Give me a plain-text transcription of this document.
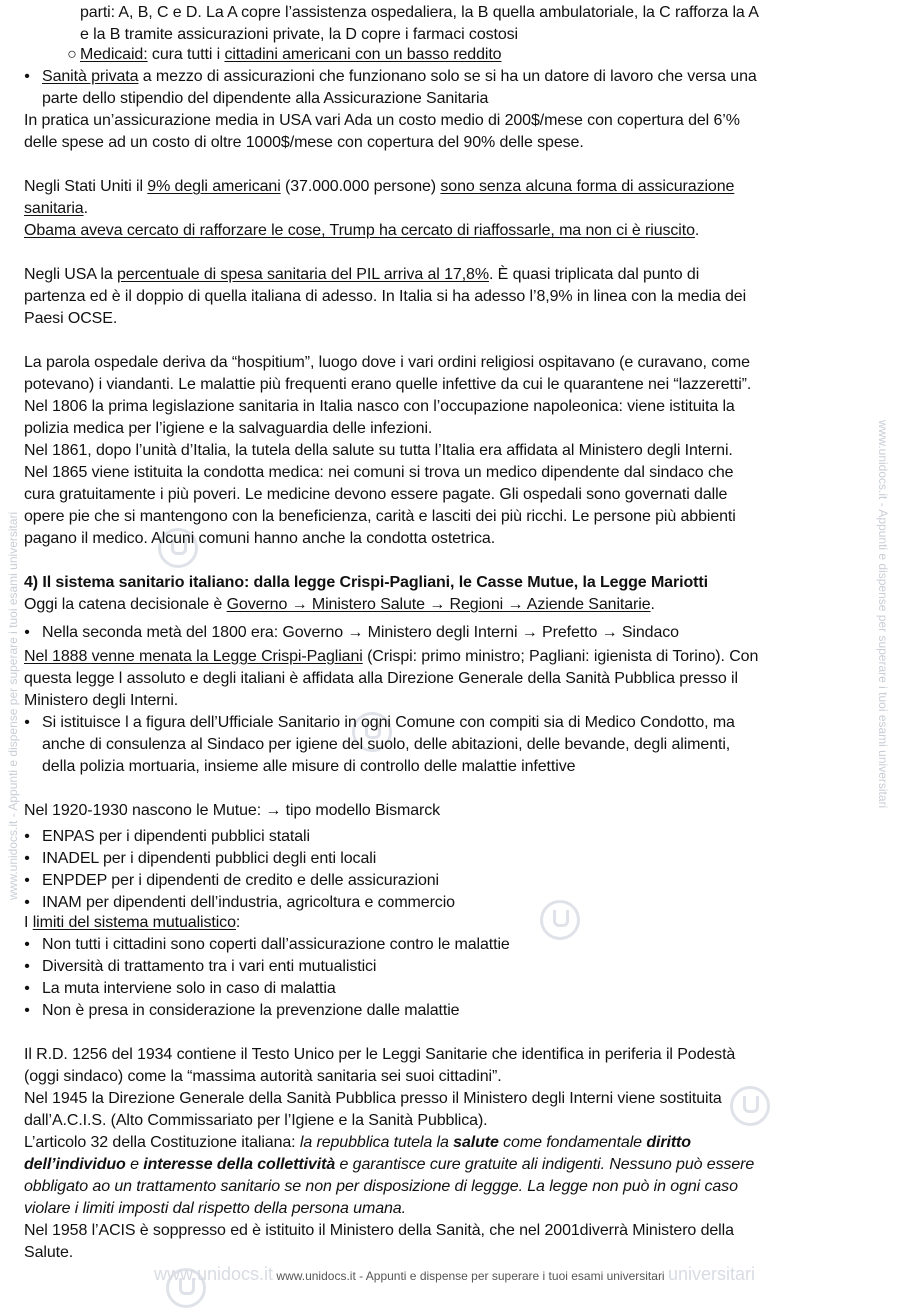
www.unidocs.it - Appunti e dispense per superare i tuoi esami universitari
www.unidocs.it - Appunti e dispense per superare i tuoi esami universitari
parti: A, B, C e D. La A copre l’assistenza ospedaliera, la B quella ambulatoriale, la C rafforza la A
e la B tramite assicurazioni private, la D copre i farmaci costosi
○ Medicaid: cura tutti i cittadini americani con un basso reddito
• Sanità privata a mezzo di assicurazioni che funzionano solo se si ha un datore di lavoro che versa una
parte dello stipendio del dipendente alla Assicurazione Sanitaria
In pratica un’assicurazione media in USA vari Ada un costo medio di 200$/mese con copertura del 6’%
delle spese ad un costo di oltre 1000$/mese con copertura del 90% delle spese.
Negli Stati Uniti il 9% degli americani (37.000.000 persone) sono senza alcuna forma di assicurazione
sanitaria.
Obama aveva cercato di rafforzare le cose, Trump ha cercato di riaffossarle, ma non ci è riuscito.
Negli USA la percentuale di spesa sanitaria del PIL arriva al 17,8%. È quasi triplicata dal punto di
partenza ed è il doppio di quella italiana di adesso. In Italia si ha adesso l’8,9% in linea con la media dei
Paesi OCSE.
La parola ospedale deriva da “hospitium”, luogo dove i vari ordini religiosi ospitavano (e curavano, come
potevano) i viandanti. Le malattie più frequenti erano quelle infettive da cui le quarantene nei “lazzeretti”.
Nel 1806 la prima legislazione sanitaria in Italia nasco con l’occupazione napoleonica: viene istituita la
polizia medica per l’igiene e la salvaguardia delle infezioni.
Nel 1861, dopo l’unità d’Italia, la tutela della salute su tutta l’Italia era affidata al Ministero degli Interni.
Nel 1865 viene istituita la condotta medica: nei comuni si trova un medico dipendente dal sindaco che
cura gratuitamente i più poveri. Le medicine devono essere pagate. Gli ospedali sono governati dalle
opere pie che si mantengono con la beneficienza, carità e lasciti dei più ricchi. Le persone più abbienti
pagano il medico. Alcuni comuni hanno anche la condotta ostetrica.
4) Il sistema sanitario italiano: dalla legge Crispi-Pagliani, le Casse Mutue, la Legge Mariotti
Oggi la catena decisionale è Governo → Ministero Salute → Regioni → Aziende Sanitarie.
• Nella seconda metà del 1800 era: Governo → Ministero degli Interni → Prefetto → Sindaco
Nel 1888 venne menata la Legge Crispi-Pagliani (Crispi: primo ministro; Pagliani: igienista di Torino). Con
questa legge l assoluto e degli italiani è affidata alla Direzione Generale della Sanità Pubblica presso il
Ministero degli Interni.
• Si istituisce l a figura dell’Ufficiale Sanitario in ogni Comune con compiti sia di Medico Condotto, ma
anche di consulenza al Sindaco per igiene del suolo, delle abitazioni, delle bevande, degli alimenti,
della polizia mortuaria, insieme alle misure di controllo delle malattie infettive
Nel 1920-1930 nascono le Mutue: → tipo modello Bismarck
• ENPAS per i dipendenti pubblici statali
• INADEL per i dipendenti pubblici degli enti locali
• ENPDEP per i dipendenti de credito e delle assicurazioni
• INAM per dipendenti dell’industria, agricoltura e commercio
I limiti del sistema mutualistico:
• Non tutti i cittadini sono coperti dall’assicurazione contro le malattie
• Diversità di trattamento tra i vari enti mutualistici
• La muta interviene solo in caso di malattia
• Non è presa in considerazione la prevenzione dalle malattie
Il R.D. 1256 del 1934 contiene il Testo Unico per le Leggi Sanitarie che identifica in periferia il Podestà
(oggi sindaco) come la “massima autorità sanitaria sei suoi cittadini”.
Nel 1945 la Direzione Generale della Sanità Pubblica presso il Ministero degli Interni viene sostituita
dall’A.C.I.S. (Alto Commissariato per l’Igiene e la Sanità Pubblica).
L’articolo 32 della Costituzione italiana: la repubblica tutela la salute come fondamentale diritto
dell’individuo e interesse della collettività e garantisce cure gratuite ali indigenti. Nessuno può essere
obbligato ao un trattamento sanitario se non per disposizione di leggge. La legge non può in ogni caso
violare i limiti imposti dal rispetto della persona umana.
Nel 1958 l’ACIS è soppresso ed è istituito il Ministero della Sanità, che nel 2001diverrà Ministero della
Salute.
www.unidocs.it www.unidocs.it - Appunti e dispense per superare i tuoi esami universitari universitari
